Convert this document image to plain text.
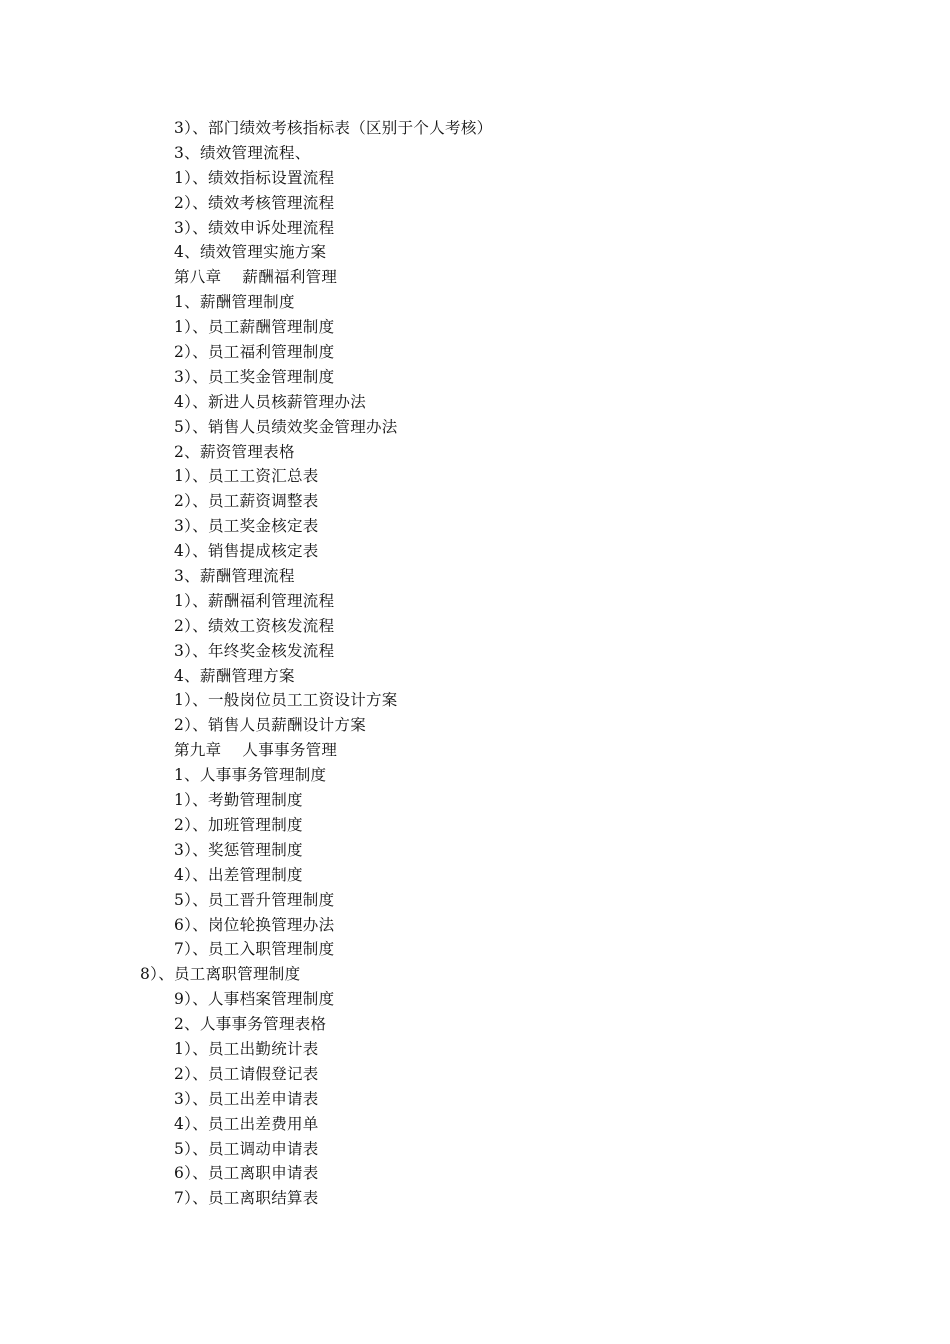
3）、部门绩效考核指标表（区别于个人考核）
3、绩效管理流程、
1）、绩效指标设置流程
2）、绩效考核管理流程
3）、绩效申诉处理流程
4、绩效管理实施方案
第八章　 薪酬福利管理
1、薪酬管理制度
1）、员工薪酬管理制度
2）、员工福利管理制度
3）、员工奖金管理制度
4）、新进人员核薪管理办法
5）、销售人员绩效奖金管理办法
2、薪资管理表格
1）、员工工资汇总表
2）、员工薪资调整表
3）、员工奖金核定表
4）、销售提成核定表
3、薪酬管理流程
1）、薪酬福利管理流程
2）、绩效工资核发流程
3）、年终奖金核发流程
4、薪酬管理方案
1）、一般岗位员工工资设计方案
2）、销售人员薪酬设计方案
第九章　 人事事务管理
1、人事事务管理制度
1）、考勤管理制度
2）、加班管理制度
3）、奖惩管理制度
4）、出差管理制度
5）、员工晋升管理制度
6）、岗位轮换管理办法
7）、员工入职管理制度
8）、员工离职管理制度
9）、人事档案管理制度
2、人事事务管理表格
1）、员工出勤统计表
2）、员工请假登记表
3）、员工出差申请表
4）、员工出差费用单
5）、员工调动申请表
6）、员工离职申请表
7）、员工离职结算表
